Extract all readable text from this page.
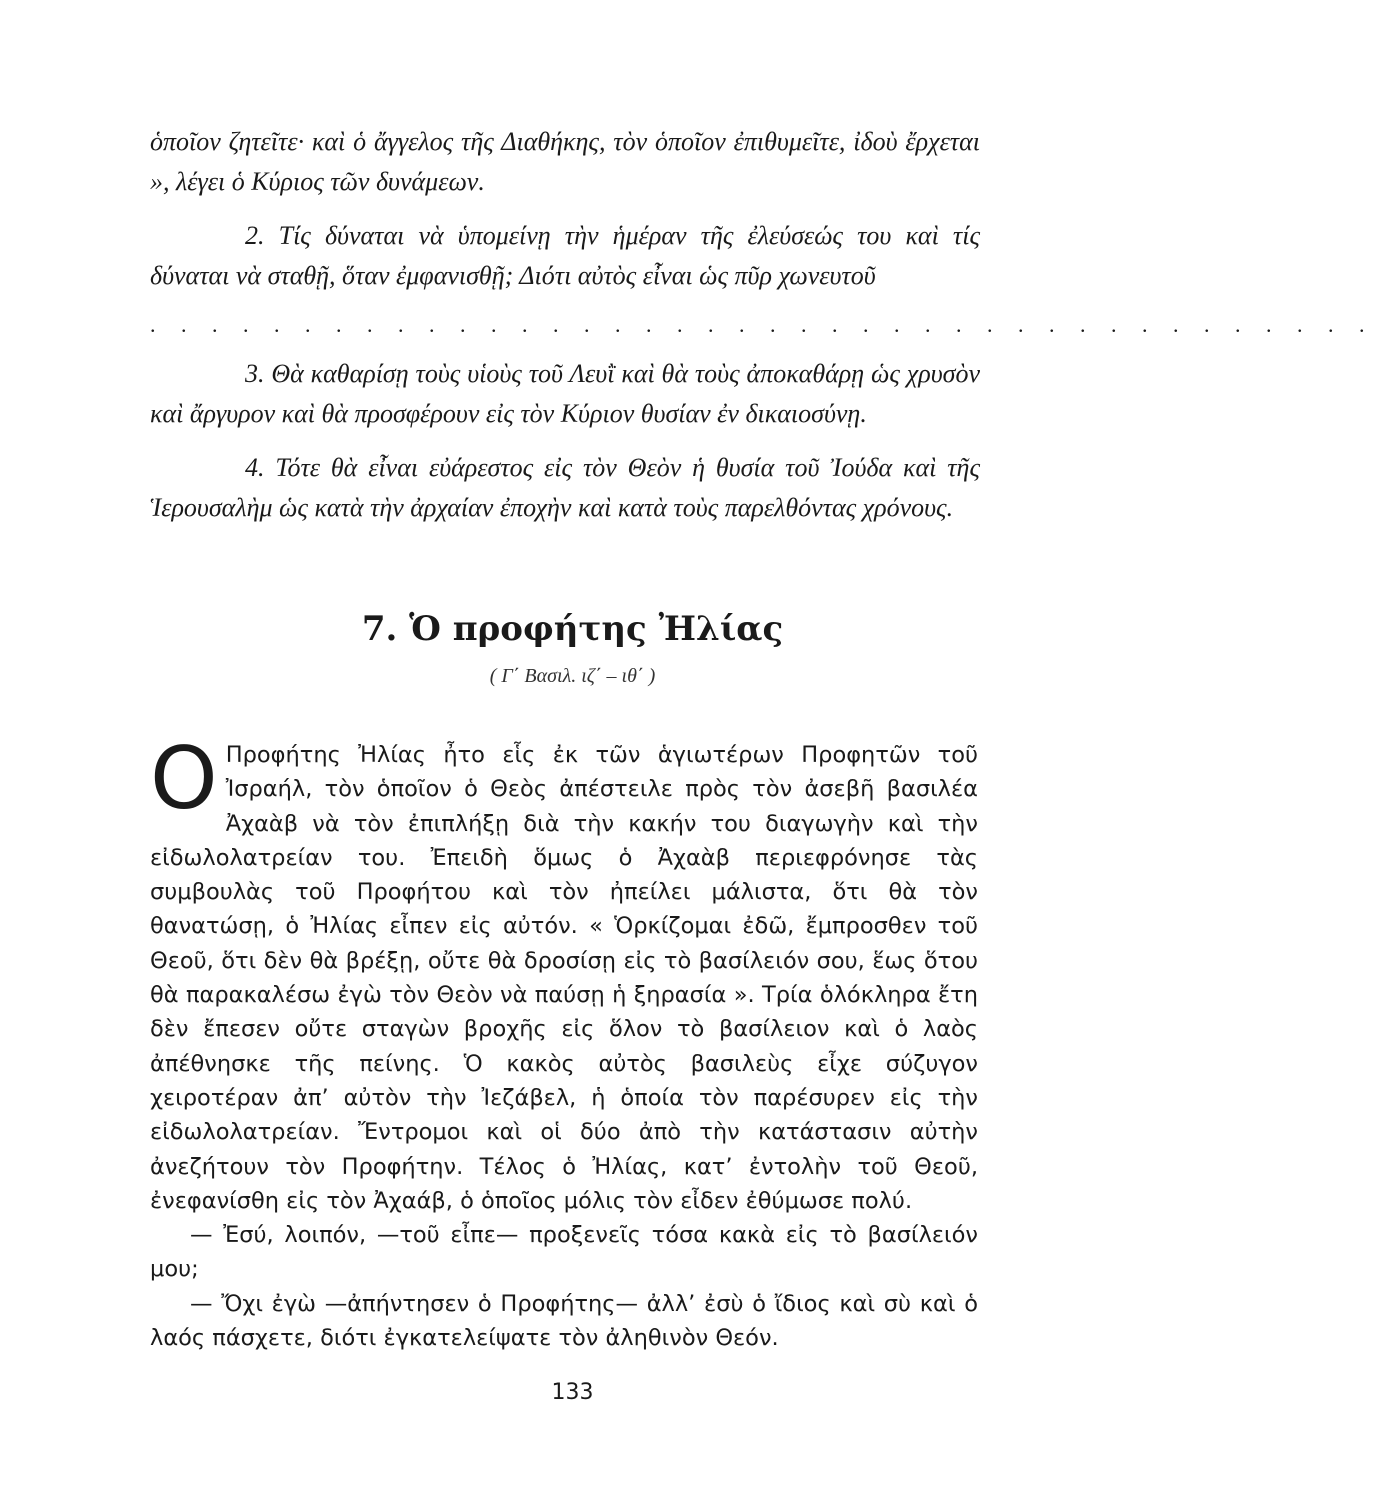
ὁποῖον ζητεῖτε· καὶ ὁ ἄγγελος τῆς Διαθήκης, τὸν ὁποῖον ἐπιθυμεῖτε, ἰδοὺ ἔρχεται », λέγει ὁ Κύριος τῶν δυνάμεων.

2. Τίς δύναται νὰ ὑπομείνῃ τὴν ἡμέραν τῆς ἐλεύσεώς του καὶ τίς δύναται νὰ σταθῇ, ὅταν ἐμφανισθῇ; Διότι αὐτὸς εἶναι ὡς πῦρ χωνευτοῦ

. . . . . . . . . . . . . . . . . . . . . . . . . . . . . . . . . . . . . . . .

3. Θὰ καθαρίσῃ τοὺς υἱοὺς τοῦ Λευῒ καὶ θὰ τοὺς ἀποκαθάρῃ ὡς χρυσὸν καὶ ἄργυρον καὶ θὰ προσφέρουν εἰς τὸν Κύριον θυσίαν ἐν δικαιοσύνῃ.

4. Τότε θὰ εἶναι εὐάρεστος εἰς τὸν Θεὸν ἡ θυσία τοῦ Ἰούδα καὶ τῆς Ἱερουσαλὴμ ὡς κατὰ τὴν ἀρχαίαν ἐποχὴν καὶ κατὰ τοὺς παρελθόντας χρόνους.

7. Ὁ προφήτης Ἠλίας
( Γ΄ Βασιλ. ιζ΄ – ιθ΄ )

Ο Προφήτης Ἠλίας ἦτο εἷς ἐκ τῶν ἁγιωτέρων Προφητῶν τοῦ Ἰσραήλ, τὸν ὁποῖον ὁ Θεὸς ἀπέστειλε πρὸς τὸν ἀσεβῆ βασιλέα Ἀχαὰβ νὰ τὸν ἐπιπλήξῃ διὰ τὴν κακήν του διαγωγὴν καὶ τὴν εἰδωλολατρείαν του. Ἐπειδὴ ὅμως ὁ Ἀχαὰβ περιεφρόνησε τὰς συμβουλὰς τοῦ Προφήτου καὶ τὸν ἠπείλει μάλιστα, ὅτι θὰ τὸν θανατώσῃ, ὁ Ἠλίας εἶπεν εἰς αὐτόν. « Ὁρκίζομαι ἐδῶ, ἔμπροσθεν τοῦ Θεοῦ, ὅτι δὲν θὰ βρέξῃ, οὔτε θὰ δροσίσῃ εἰς τὸ βασίλειόν σου, ἕως ὅτου θὰ παρακαλέσω ἐγὼ τὸν Θεὸν νὰ παύσῃ ἡ ξηρασία ». Τρία ὁλόκληρα ἔτη δὲν ἔπεσεν οὔτε σταγὼν βροχῆς εἰς ὅλον τὸ βασίλειον καὶ ὁ λαὸς ἀπέθνησκε τῆς πείνης. Ὁ κακὸς αὐτὸς βασιλεὺς εἶχε σύζυγον χειροτέραν ἀπ’ αὐτὸν τὴν Ἰεζάβελ, ἡ ὁποία τὸν παρέσυρεν εἰς τὴν εἰδωλολατρείαν. Ἔντρομοι καὶ οἱ δύο ἀπὸ τὴν κατάστασιν αὐτὴν ἀνεζήτουν τὸν Προφήτην. Τέλος ὁ Ἠλίας, κατ’ ἐντολὴν τοῦ Θεοῦ, ἐνεφανίσθη εἰς τὸν Ἀχαάβ, ὁ ὁποῖος μόλις τὸν εἶδεν ἐθύμωσε πολύ.

— Ἐσύ, λοιπόν, —τοῦ εἶπε— προξενεῖς τόσα κακὰ εἰς τὸ βασίλειόν μου;

— Ὄχι ἐγὼ —ἀπήντησεν ὁ Προφήτης— ἀλλ’ ἐσὺ ὁ ἴδιος καὶ σὺ καὶ ὁ λαός πάσχετε, διότι ἐγκατελείψατε τὸν ἀληθινὸν Θεόν.

133
